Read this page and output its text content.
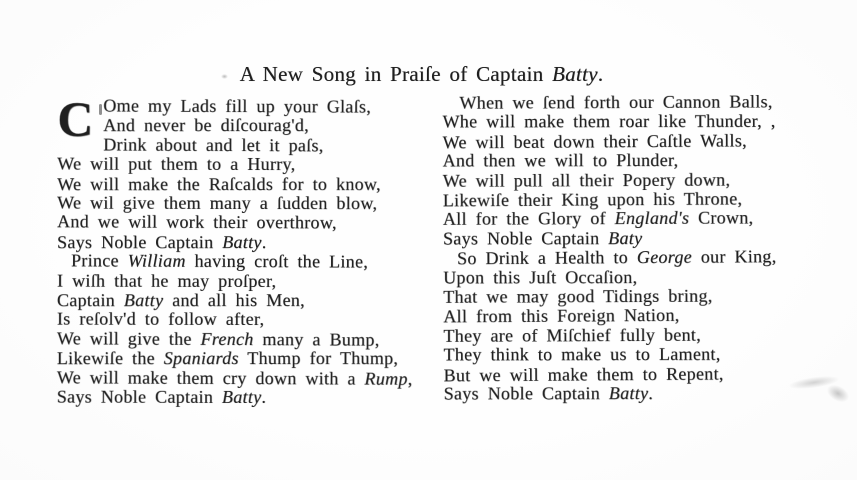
A New Song in Praiſe of Captain Batty.
C Ome my Lads fill up your Glaſs,
And never be diſcourag'd,
Drink about and let it paſs,
We will put them to a Hurry,
We will make the Raſcalds for to know,
We wil give them many a ſudden blow,
And we will work their overthrow,
Says Noble Captain Batty.
Prince William having croſt the Line,
I wiſh that he may proſper,
Captain Batty and all his Men,
Is reſolv'd to follow after,
We will give the French many a Bump,
Likewiſe the Spaniards Thump for Thump,
We will make them cry down with a Rump,
Says Noble Captain Batty.
When we ſend forth our Cannon Balls,
Whe will make them roar like Thunder, ,
We will beat down their Caſtle Walls,
And then we will to Plunder,
We will pull all their Popery down,
Likewiſe their King upon his Throne,
All for the Glory of England's Crown,
Says Noble Captain Baty
So Drink a Health to George our King,
Upon this Juſt Occaſion,
That we may good Tidings bring,
All from this Foreign Nation,
They are of Miſchief fully bent,
They think to make us to Lament,
But we will make them to Repent,
Says Noble Captain Batty.
